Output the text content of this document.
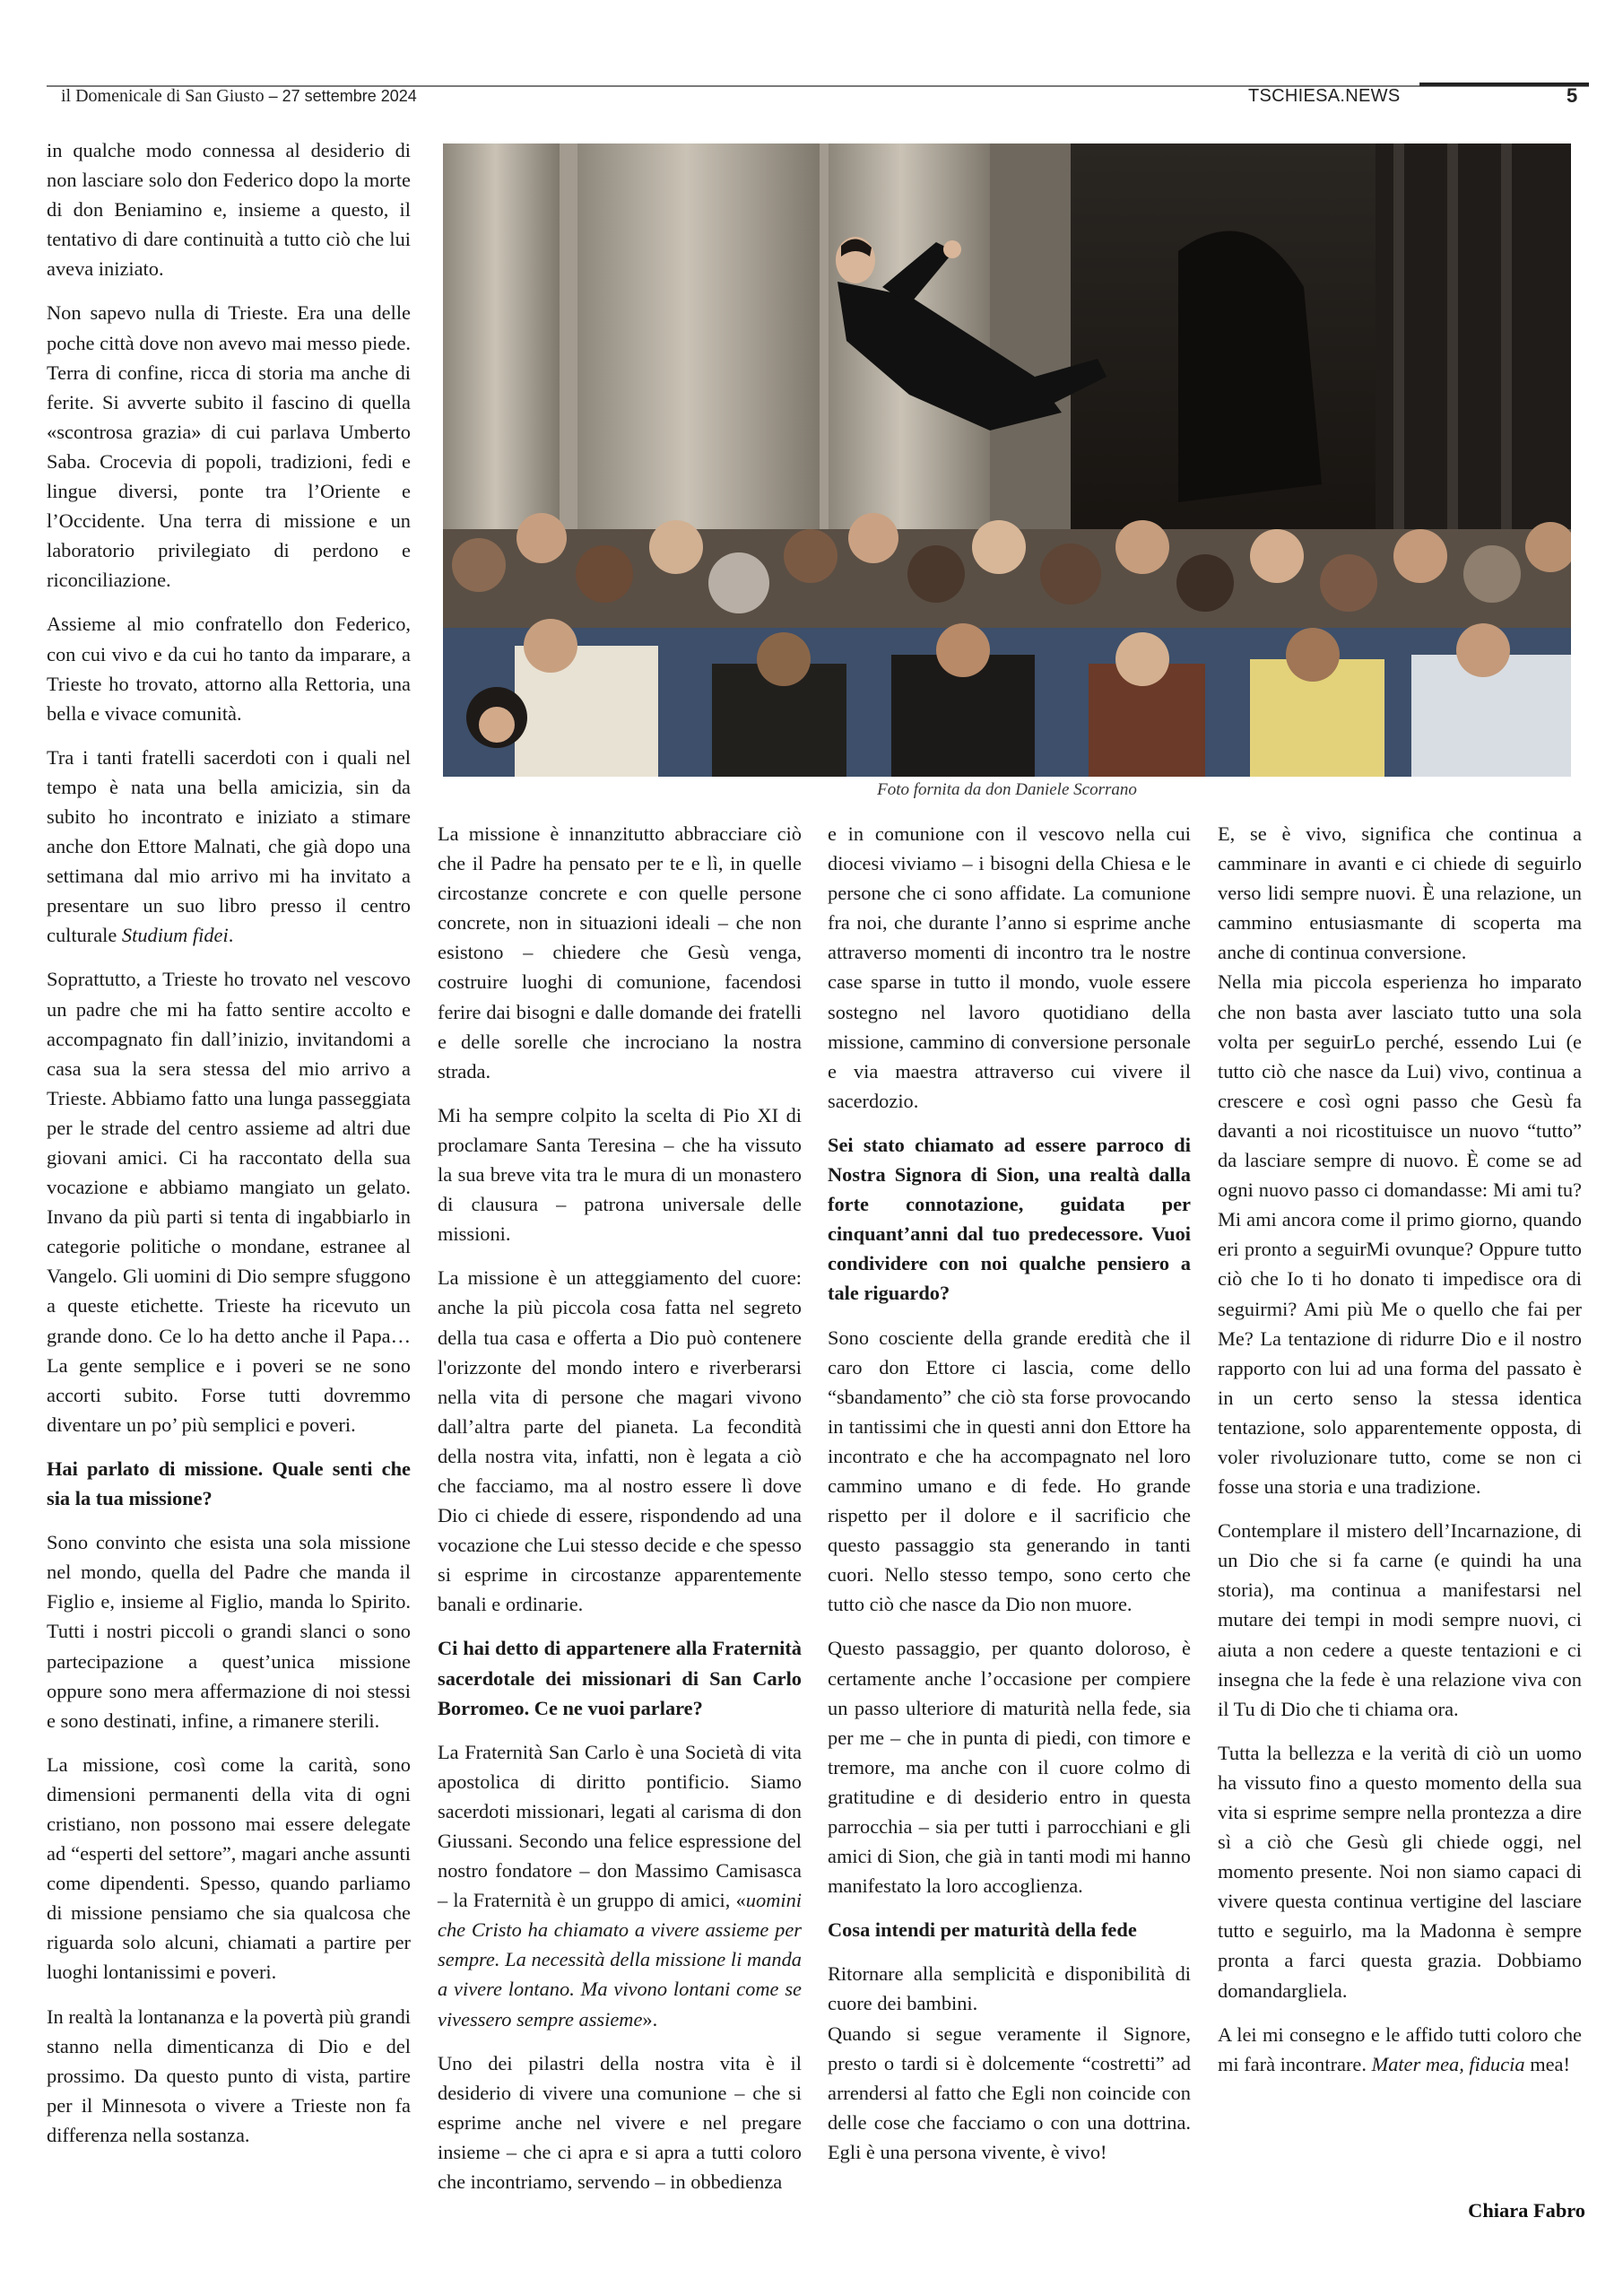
il Domenicale di San Giusto – 27 settembre 2024	TSCHIESA.NEWS	5
Foto fornita da don Daniele Scorrano

in qualche modo connessa al desiderio di non lasciare solo don Federico dopo la morte di don Beniamino e, insieme a questo, il tentativo di dare continuità a tutto ciò che lui aveva iniziato.

Non sapevo nulla di Trieste. Era una delle poche città dove non avevo mai messo piede. Terra di confine, ricca di storia ma anche di ferite. Si avverte subito il fascino di quella «scontrosa grazia» di cui parlava Umberto Saba. Crocevia di popoli, tradizioni, fedi e lingue diversi, ponte tra l’Oriente e l’Occidente. Una terra di missione e un laboratorio privilegiato di perdono e riconciliazione.

Assieme al mio confratello don Federico, con cui vivo e da cui ho tanto da imparare, a Trieste ho trovato, attorno alla Rettoria, una bella e vivace comunità.

Tra i tanti fratelli sacerdoti con i quali nel tempo è nata una bella amicizia, sin da subito ho incontrato e iniziato a stimare anche don Ettore Malnati, che già dopo una settimana dal mio arrivo mi ha invitato a presentare un suo libro presso il centro culturale Studium fidei.

Soprattutto, a Trieste ho trovato nel vescovo un padre che mi ha fatto sentire accolto e accompagnato fin dall’inizio, invitandomi a casa sua la sera stessa del mio arrivo a Trieste. Abbiamo fatto una lunga passeggiata per le strade del centro assieme ad altri due giovani amici. Ci ha raccontato della sua vocazione e abbiamo mangiato un gelato. Invano da più parti si tenta di ingabbiarlo in categorie politiche o mondane, estranee al Vangelo. Gli uomini di Dio sempre sfuggono a queste etichette. Trieste ha ricevuto un grande dono. Ce lo ha detto anche il Papa… La gente semplice e i poveri se ne sono accorti subito. Forse tutti dovremmo diventare un po’ più semplici e poveri.

Hai parlato di missione. Quale senti che sia la tua missione?

Sono convinto che esista una sola missione nel mondo, quella del Padre che manda il Figlio e, insieme al Figlio, manda lo Spirito. Tutti i nostri piccoli o grandi slanci o sono partecipazione a quest’unica missione oppure sono mera affermazione di noi stessi e sono destinati, infine, a rimanere sterili.

La missione, così come la carità, sono dimensioni permanenti della vita di ogni cristiano, non possono mai essere delegate ad “esperti del settore”, magari anche assunti come dipendenti. Spesso, quando parliamo di missione pensiamo che sia qualcosa che riguarda solo alcuni, chiamati a partire per luoghi lontanissimi e poveri.

In realtà la lontananza e la povertà più grandi stanno nella dimenticanza di Dio e del prossimo. Da questo punto di vista, partire per il Minnesota o vivere a Trieste non fa differenza nella sostanza.

La missione è innanzitutto abbracciare ciò che il Padre ha pensato per te e lì, in quelle circostanze concrete e con quelle persone concrete, non in situazioni ideali – che non esistono – chiedere che Gesù venga, costruire luoghi di comunione, facendosi ferire dai bisogni e dalle domande dei fratelli e delle sorelle che incrociano la nostra strada.

Mi ha sempre colpito la scelta di Pio XI di proclamare Santa Teresina – che ha vissuto la sua breve vita tra le mura di un monastero di clausura – patrona universale delle missioni.

La missione è un atteggiamento del cuore: anche la più piccola cosa fatta nel segreto della tua casa e offerta a Dio può contenere l'orizzonte del mondo intero e riverberarsi nella vita di persone che magari vivono dall’altra parte del pianeta. La fecondità della nostra vita, infatti, non è legata a ciò che facciamo, ma al nostro essere lì dove Dio ci chiede di essere, rispondendo ad una vocazione che Lui stesso decide e che spesso si esprime in circostanze apparentemente banali e ordinarie.

Ci hai detto di appartenere alla Fraternità sacerdotale dei missionari di San Carlo Borromeo. Ce ne vuoi parlare?

La Fraternità San Carlo è una Società di vita apostolica di diritto pontificio. Siamo sacerdoti missionari, legati al carisma di don Giussani. Secondo una felice espressione del nostro fondatore – don Massimo Camisasca – la Fraternità è un gruppo di amici, «uomini che Cristo ha chiamato a vivere assieme per sempre. La necessità della missione li manda a vivere lontano. Ma vivono lontani come se vivessero sempre assieme».

Uno dei pilastri della nostra vita è il desiderio di vivere una comunione – che si esprime anche nel vivere e nel pregare insieme – che ci apra e si apra a tutti coloro che incontriamo, servendo – in obbedienza

e in comunione con il vescovo nella cui diocesi viviamo – i bisogni della Chiesa e le persone che ci sono affidate. La comunione fra noi, che durante l’anno si esprime anche attraverso momenti di incontro tra le nostre case sparse in tutto il mondo, vuole essere sostegno nel lavoro quotidiano della missione, cammino di conversione personale e via maestra attraverso cui vivere il sacerdozio.

Sei stato chiamato ad essere parroco di Nostra Signora di Sion, una realtà dalla forte connotazione, guidata per cinquant’anni dal tuo predecessore. Vuoi condividere con noi qualche pensiero a tale riguardo?

Sono cosciente della grande eredità che il caro don Ettore ci lascia, come dello “sbandamento” che ciò sta forse provocando in tantissimi che in questi anni don Ettore ha incontrato e che ha accompagnato nel loro cammino umano e di fede. Ho grande rispetto per il dolore e il sacrificio che questo passaggio sta generando in tanti cuori. Nello stesso tempo, sono certo che tutto ciò che nasce da Dio non muore.

Questo passaggio, per quanto doloroso, è certamente anche l’occasione per compiere un passo ulteriore di maturità nella fede, sia per me – che in punta di piedi, con timore e tremore, ma anche con il cuore colmo di gratitudine e di desiderio entro in questa parrocchia – sia per tutti i parrocchiani e gli amici di Sion, che già in tanti modi mi hanno manifestato la loro accoglienza.

Cosa intendi per maturità della fede

Ritornare alla semplicità e disponibilità di cuore dei bambini.
Quando si segue veramente il Signore, presto o tardi si è dolcemente “costretti” ad arrendersi al fatto che Egli non coincide con delle cose che facciamo o con una dottrina. Egli è una persona vivente, è vivo!

E, se è vivo, significa che continua a camminare in avanti e ci chiede di seguirlo verso lidi sempre nuovi. È una relazione, un cammino entusiasmante di scoperta ma anche di continua conversione.
Nella mia piccola esperienza ho imparato che non basta aver lasciato tutto una sola volta per seguirLo perché, essendo Lui (e tutto ciò che nasce da Lui) vivo, continua a crescere e così ogni passo che Gesù fa davanti a noi ricostituisce un nuovo “tutto” da lasciare sempre di nuovo. È come se ad ogni nuovo passo ci domandasse: Mi ami tu? Mi ami ancora come il primo giorno, quando eri pronto a seguirMi ovunque? Oppure tutto ciò che Io ti ho donato ti impedisce ora di seguirmi? Ami più Me o quello che fai per Me? La tentazione di ridurre Dio e il nostro rapporto con lui ad una forma del passato è in un certo senso la stessa identica tentazione, solo apparentemente opposta, di voler rivoluzionare tutto, come se non ci fosse una storia e una tradizione.

Contemplare il mistero dell’Incarnazione, di un Dio che si fa carne (e quindi ha una storia), ma continua a manifestarsi nel mutare dei tempi in modi sempre nuovi, ci aiuta a non cedere a queste tentazioni e ci insegna che la fede è una relazione viva con il Tu di Dio che ti chiama ora.

Tutta la bellezza e la verità di ciò un uomo ha vissuto fino a questo momento della sua vita si esprime sempre nella prontezza a dire sì a ciò che Gesù gli chiede oggi, nel momento presente. Noi non siamo capaci di vivere questa continua vertigine del lasciare tutto e seguirlo, ma la Madonna è sempre pronta a farci questa grazia. Dobbiamo domandargliela.

A lei mi consegno e le affido tutti coloro che mi farà incontrare. Mater mea, fiducia mea!

Chiara Fabro
